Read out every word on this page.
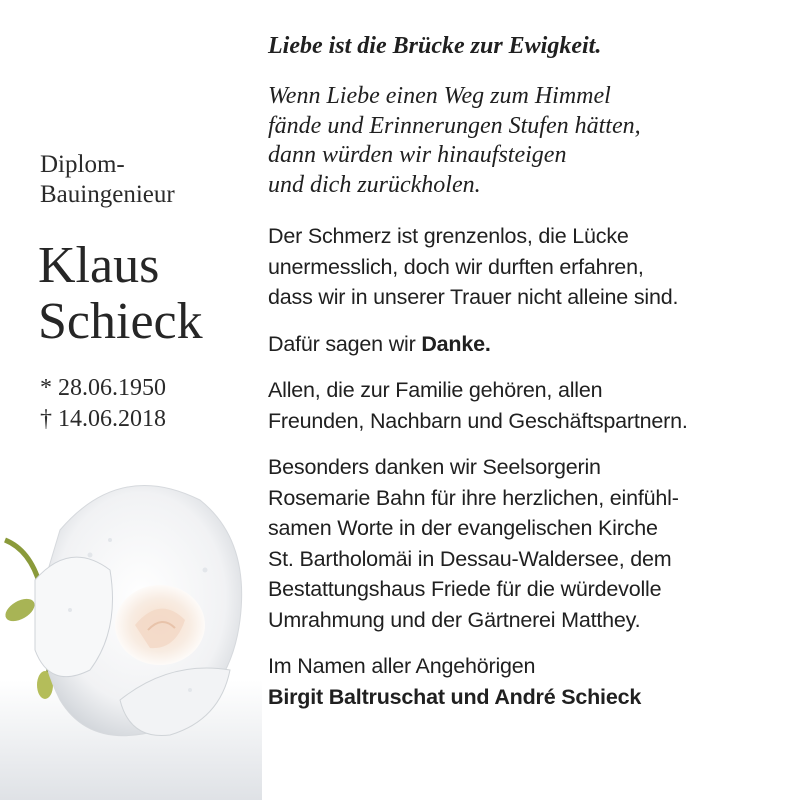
Diplom-
Bauingenieur
Klaus
Schieck
* 28.06.1950
† 14.06.2018

Liebe ist die Brücke zur Ewigkeit.

Wenn Liebe einen Weg zum Himmel
fände und Erinnerungen Stufen hätten,
dann würden wir hinaufsteigen
und dich zurückholen.

Der Schmerz ist grenzenlos, die Lücke
unermesslich, doch wir durften erfahren,
dass wir in unserer Trauer nicht alleine sind.

Dafür sagen wir Danke.

Allen, die zur Familie gehören, allen
Freunden, Nachbarn und Geschäftspartnern.

Besonders danken wir Seelsorgerin
Rosemarie Bahn für ihre herzlichen, einfühl-
samen Worte in der evangelischen Kirche
St. Bartholomäi in Dessau-Waldersee, dem
Bestattungshaus Friede für die würdevolle
Umrahmung und der Gärtnerei Matthey.

Im Namen aller Angehörigen
Birgit Baltruschat und André Schieck
